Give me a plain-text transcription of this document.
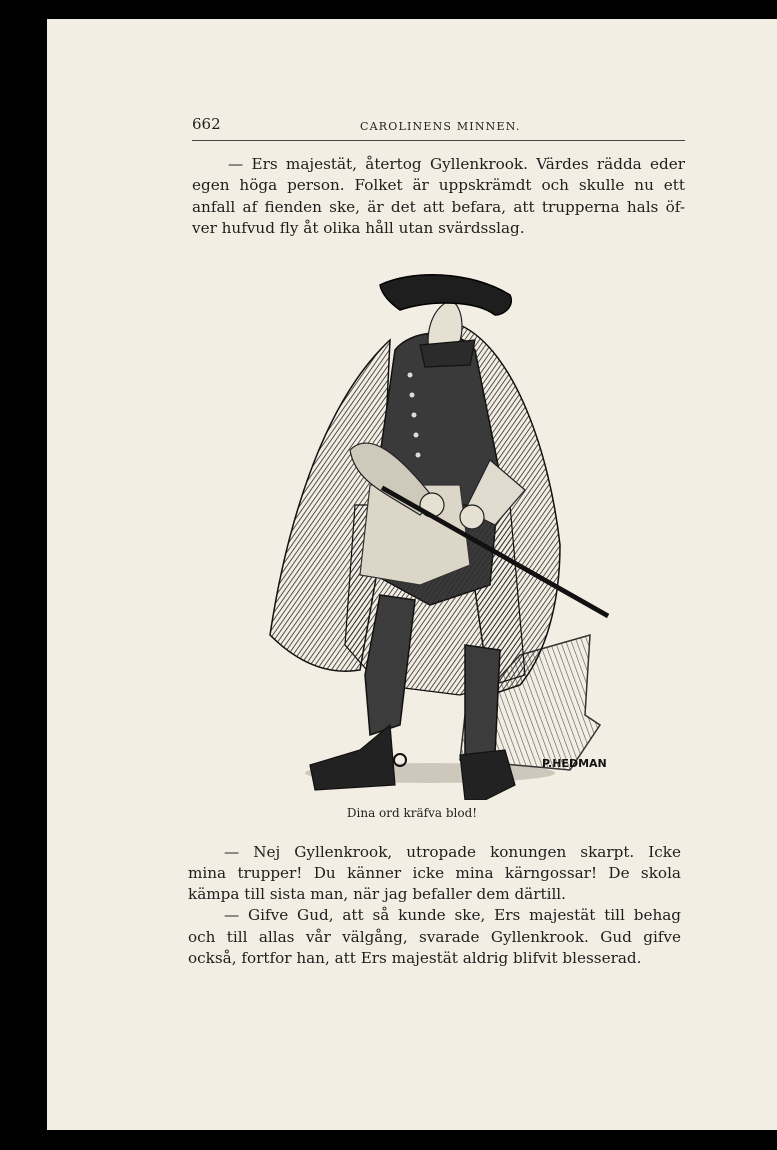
662	CAROLINENS MINNEN.
— Ers majestät, återtog Gyllenkrook. Värdes rädda eder
egen höga person. Folket är uppskrämdt och skulle nu ett
anfall af fienden ske, är det att befara, att trupperna hals öf-
ver hufvud fly åt olika håll utan svärdsslag.
P.HEDMAN
Dina ord kräfva blod!
— Nej Gyllenkrook, utropade konungen skarpt. Icke
mina trupper! Du känner icke mina kärngossar! De skola
kämpa till sista man, när jag befaller dem därtill.
— Gifve Gud, att så kunde ske, Ers majestät till behag
och till allas vår välgång, svarade Gyllenkrook. Gud gifve
också, fortfor han, att Ers majestät aldrig blifvit blesserad.
